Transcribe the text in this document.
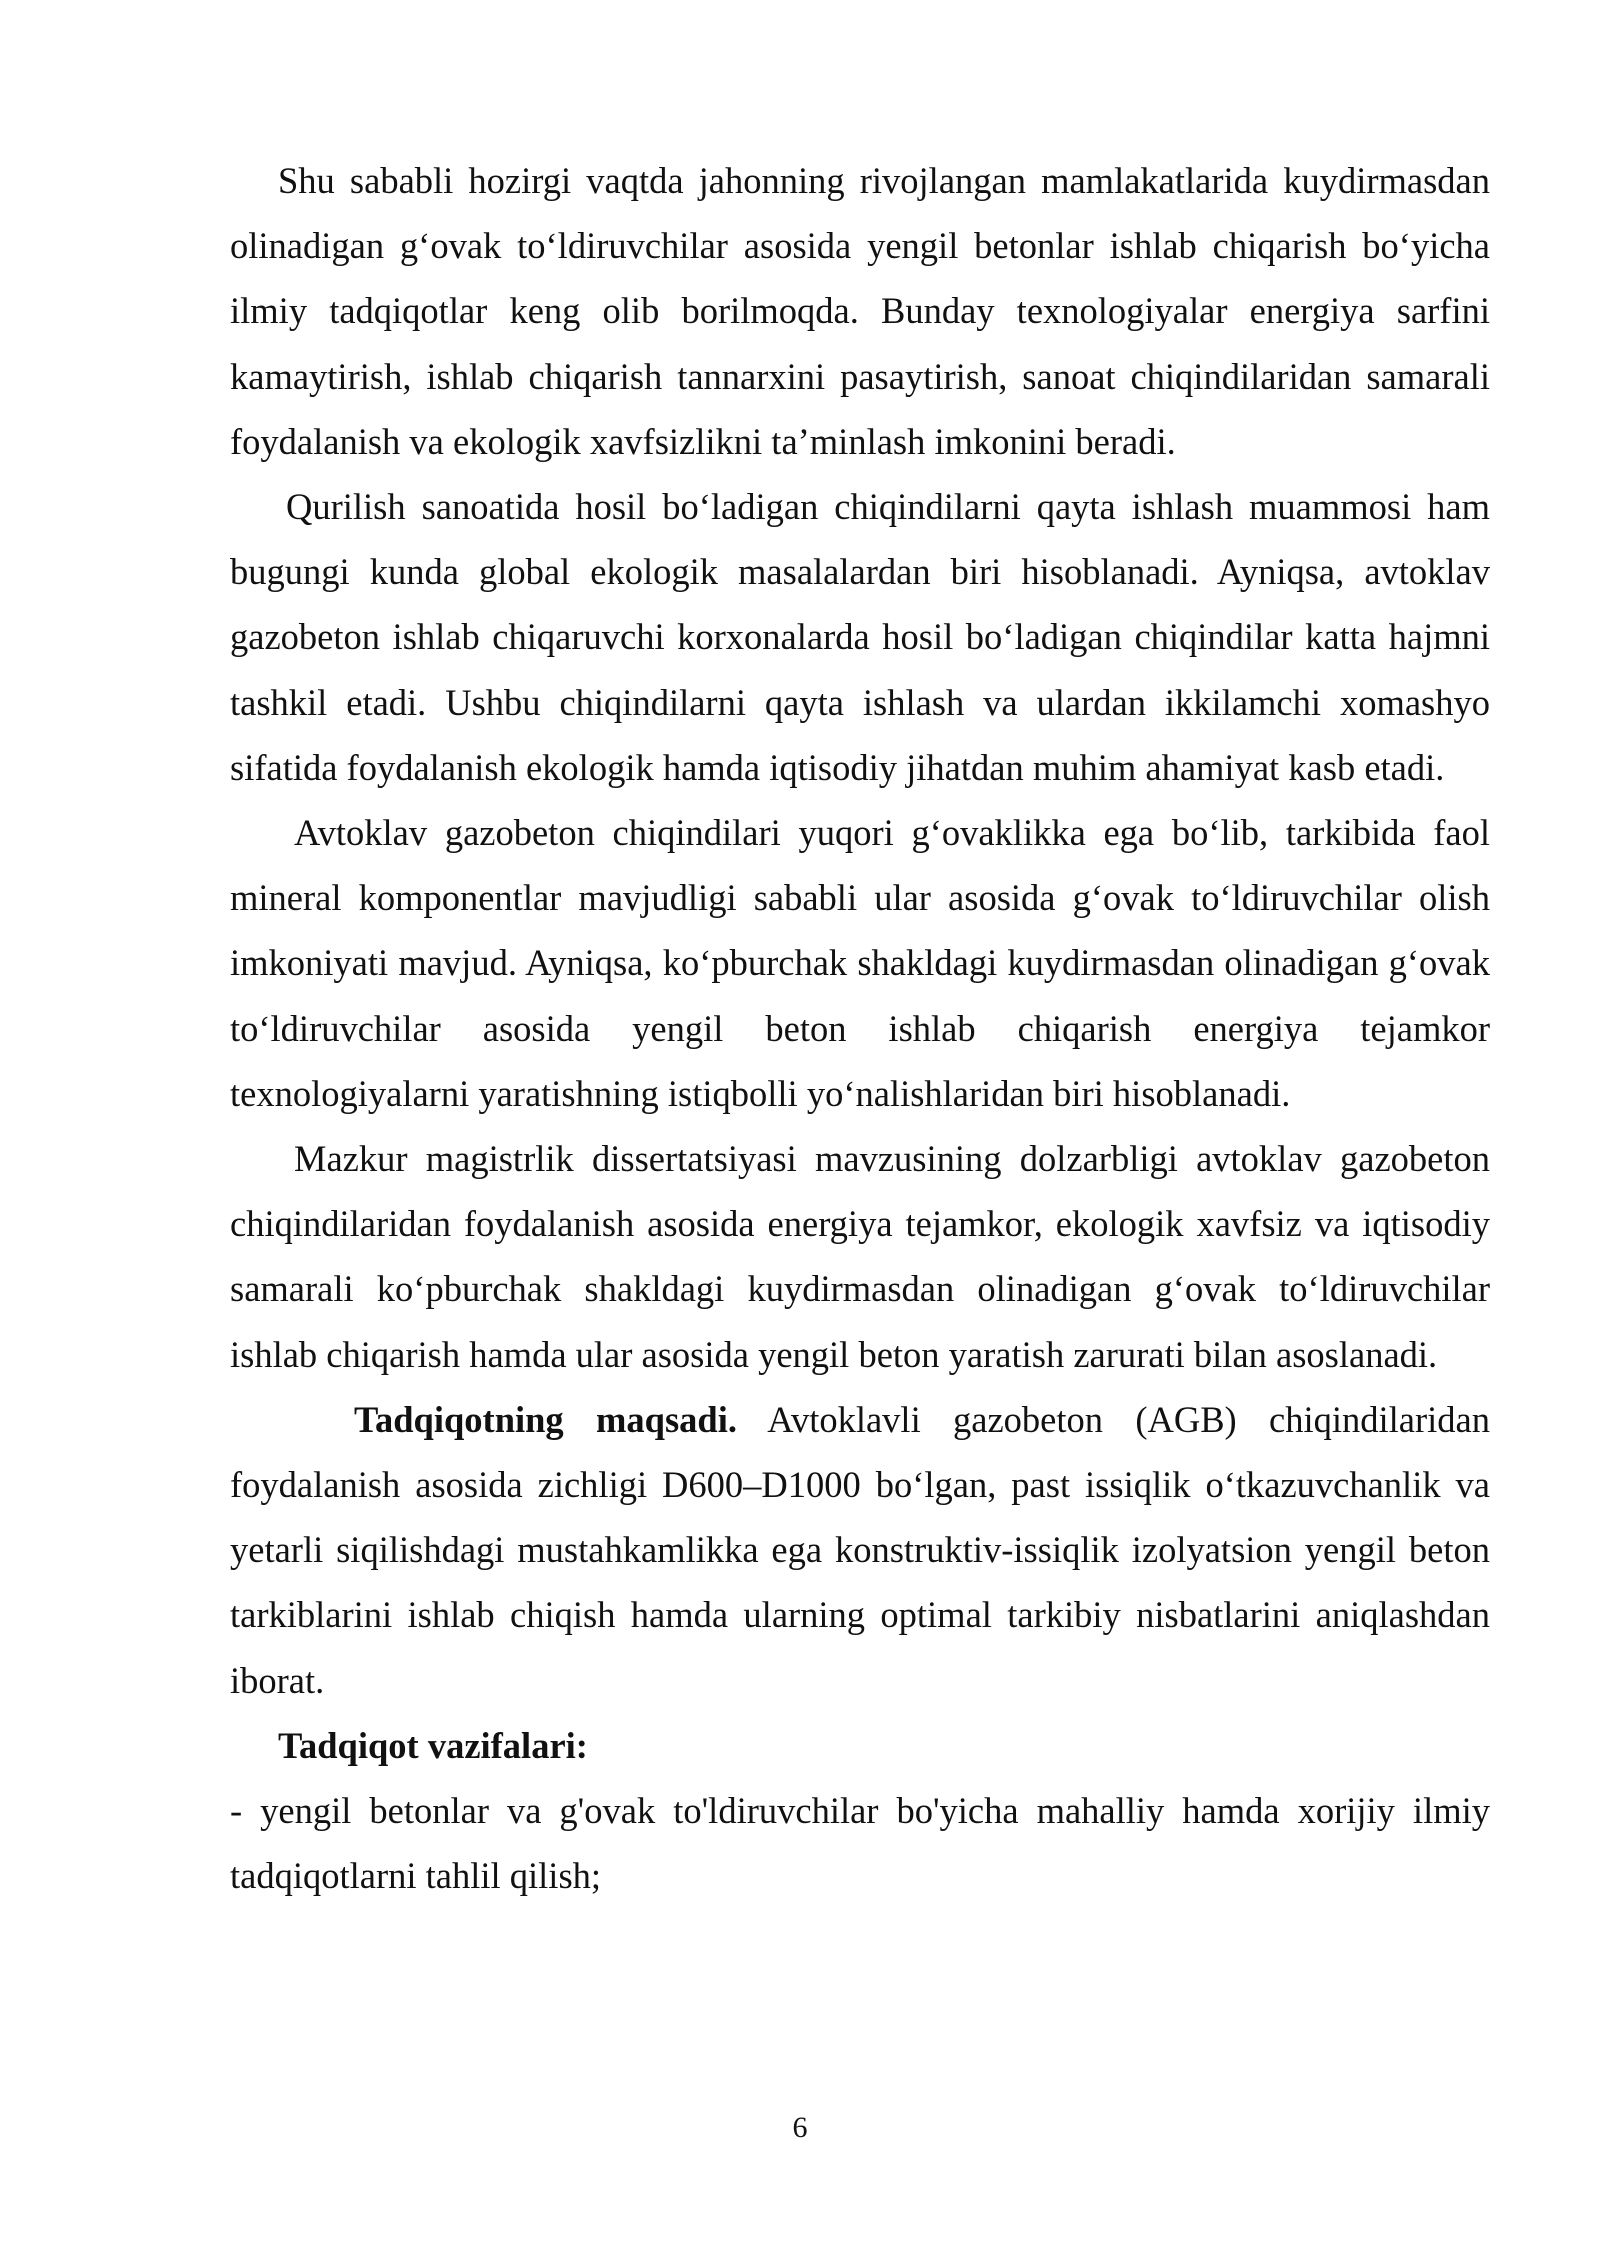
Shu sababli hozirgi vaqtda jahonning rivojlangan mamlakatlarida kuydirmasdan olinadigan g‘ovak to‘ldiruvchilar asosida yengil betonlar ishlab chiqarish bo‘yicha ilmiy tadqiqotlar keng olib borilmoqda. Bunday texnologiyalar energiya sarfini kamaytirish, ishlab chiqarish tannarxini pasaytirish, sanoat chiqindilaridan samarali foydalanish va ekologik xavfsizlikni ta’minlash imkonini beradi.

Qurilish sanoatida hosil bo‘ladigan chiqindilarni qayta ishlash muammosi ham bugungi kunda global ekologik masalalardan biri hisoblanadi. Ayniqsa, avtoklav gazobeton ishlab chiqaruvchi korxonalarda hosil bo‘ladigan chiqindilar katta hajmni tashkil etadi. Ushbu chiqindilarni qayta ishlash va ulardan ikkilamchi xomashyo sifatida foydalanish ekologik hamda iqtisodiy jihatdan muhim ahamiyat kasb etadi.

Avtoklav gazobeton chiqindilari yuqori g‘ovaklikka ega bo‘lib, tarkibida faol mineral komponentlar mavjudligi sababli ular asosida g‘ovak to‘ldiruvchilar olish imkoniyati mavjud. Ayniqsa, ko‘pburchak shakldagi kuydirmasdan olinadigan g‘ovak to‘ldiruvchilar asosida yengil beton ishlab chiqarish energiya tejamkor texnologiyalarni yaratishning istiqbolli yo‘nalishlaridan biri hisoblanadi.

Mazkur magistrlik dissertatsiyasi mavzusining dolzarbligi avtoklav gazobeton chiqindilaridan foydalanish asosida energiya tejamkor, ekologik xavfsiz va iqtisodiy samarali ko‘pburchak shakldagi kuydirmasdan olinadigan g‘ovak to‘ldiruvchilar ishlab chiqarish hamda ular asosida yengil beton yaratish zarurati bilan asoslanadi.

Tadqiqotning maqsadi. Avtoklavli gazobeton (AGB) chiqindilaridan foydalanish asosida zichligi D600–D1000 bo‘lgan, past issiqlik o‘tkazuvchanlik va yetarli siqilishdagi mustahkamlikka ega konstruktiv-issiqlik izolyatsion yengil beton tarkiblarini ishlab chiqish hamda ularning optimal tarkibiy nisbatlarini aniqlashdan iborat.

Tadqiqot vazifalari:

- yengil betonlar va g'ovak to'ldiruvchilar bo'yicha mahalliy hamda xorijiy ilmiy tadqiqotlarni tahlil qilish;

6
